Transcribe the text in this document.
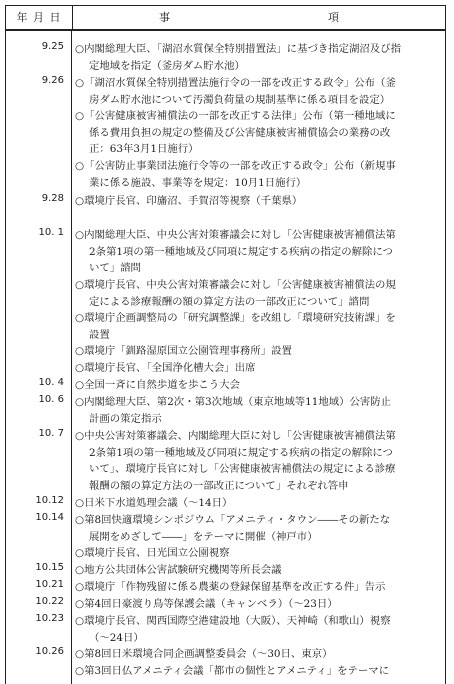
年 月 日	事	項
9.25 ○内閣総理大臣、「湖沼水質保全特別措置法」に基づき指定湖沼及び指
定地域を指定（釜房ダム貯水池）
9.26 ○「湖沼水質保全特別措置法施行令の一部を改正する政令」公布（釜
房ダム貯水池について汚濁負荷量の規制基準に係る項目を設定）
○「公害健康被害補償法の一部を改正する法律」公布（第一種地域に
係る費用負担の規定の整備及び公害健康被害補償協会の業務の改
正：63年3月1日施行）
○「公害防止事業団法施行令等の一部を改正する政令」公布（新規事
業に係る施設、事業等を規定：10月1日施行）
9.28 ○環境庁長官、印旛沼、手賀沼等視察（千葉県）
10. 1 ○内閣総理大臣、中央公害対策審議会に対し「公害健康被害補償法第
2条第1項の第一種地域及び同項に規定する疾病の指定の解除につ
いて」諮問
○環境庁長官、中央公害対策審議会に対し「公害健康被害補償法の規
定による診療報酬の額の算定方法の一部改正について」諮問
○環境庁企画調整局の「研究調整課」を改組し「環境研究技術課」を
設置
○環境庁「釧路湿原国立公園管理事務所」設置
○環境庁長官、「全国浄化槽大会」出席
10. 4 ○全国一斉に自然歩道を歩こう大会
10. 6 ○内閣総理大臣、第2次・第3次地域（東京地域等11地域）公害防止
計画の策定指示
10. 7 ○中央公害対策審議会、内閣総理大臣に対し「公害健康被害補償法第
2条第1項の第一種地域及び同項に規定する疾病の指定の解除につ
いて」、環境庁長官に対し「公害健康被害補償法の規定による診療
報酬の額の算定方法の一部改正について」それぞれ答申
10.12 ○日米下水道処理会議（～14日）
10.14 ○第8回快適環境シンポジウム「アメニティ・タウン――その新たな
展開をめざして――」をテーマに開催（神戸市）
○環境庁長官、日光国立公園視察
10.15 ○地方公共団体公害試験研究機関等所長会議
10.21 ○環境庁「作物残留に係る農薬の登録保留基準を改正する件」告示
10.22 ○第4回日豪渡り鳥等保護会議（キャンベラ）（～23日）
10.23 ○環境庁長官、関西国際空港建設地（大阪）、天神崎（和歌山）視察
（～24日）
10.26 ○第8回日米環境合同企画調整委員会（～30日、東京）
○第3回日仏アメニティ会議「都市の個性とアメニティ」をテーマに
